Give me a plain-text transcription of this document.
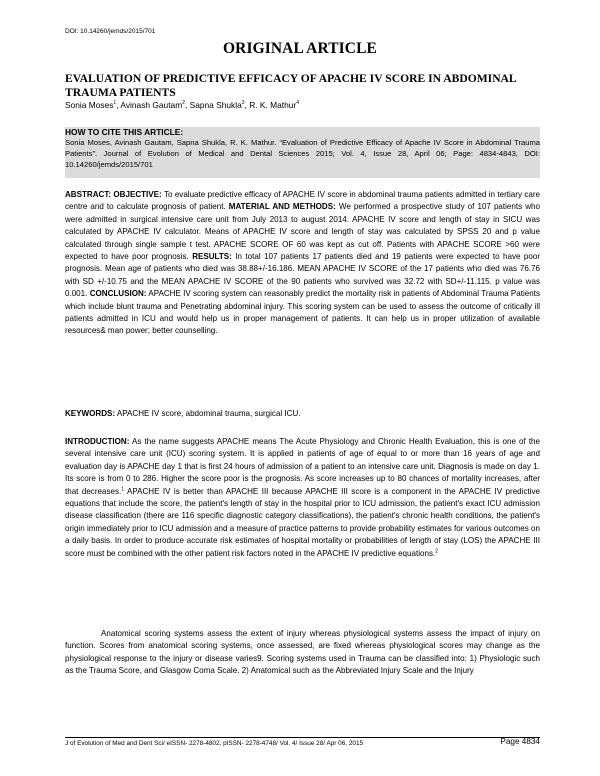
DOI: 10.14260/jemds/2015/701
ORIGINAL ARTICLE
EVALUATION OF PREDICTIVE EFFICACY OF APACHE IV SCORE IN ABDOMINAL TRAUMA PATIENTS
Sonia Moses$^1$, Avinash Gautam$^2$, Sapna Shukla$^3$, R. K. Mathur$^4$

HOW TO CITE THIS ARTICLE:

Sonia Moses, Avinash Gautam, Sapna Shukla, R. K. Mathur. “Evaluation of Predictive Efficacy of Apache IV Score in Abdominal Trauma Patients”. Journal of Evolution of Medical and Dental Sciences 2015; Vol. 4, Issue 28, April 06; Page: 4834-4843, DOI: 10.14260/jemds/2015/701

ABSTRACT: OBJECTIVE: To evaluate predictive efficacy of APACHE IV score in abdominal trauma patients admitted in tertiary care centre and to calculate prognosis of patient. MATERIAL AND METHODS: We performed a prospective study of 107 patients who were admitted in surgical intensive care unit from July 2013 to august 2014. APACHE IV score and length of stay in SICU was calculated by APACHE IV calculator. Means of APACHE IV score and length of stay was calculated by SPSS 20 and p value calculated through single sample t test. APACHE SCORE OF 60 was kept as cut off. Patients with APACHE SCORE >60 were expected to have poor prognosis. RESULTS: In total 107 patients 17 patients died and 19 patients were expected to have poor prognosis. Mean age of patients who died was 38.88+/-16.186. MEAN APACHE IV SCORE of the 17 patients who died was 76.76 with SD +/-10.75 and the MEAN APACHE IV SCORE of the 90 patients who survived was 32.72 with SD+/-11.115. p value was 0.001. CONCLUSION: APACHE IV scoring system can reasonably predict the mortality risk in patients of Abdominal Trauma Patients which include blunt trauma and Penetrating abdominal injury. This scoring system can be used to assess the outcome of critically ill patients admitted in ICU and would help us in proper management of patients. It can help us in proper utilization of available resources& man power; better counselling.

KEYWORDS: APACHE IV score, abdominal trauma, surgical ICU.

INTRODUCTION: As the name suggests APACHE means The Acute Physiology and Chronic Health Evaluation, this is one of the several intensive care unit (ICU) scoring system. It is applied in patients of age of equal to or more than 16 years of age and evaluation day is APACHE day 1 that is first 24 hours of admission of a patient to an intensive care unit. Diagnosis is made on day 1. Its score is from 0 to 286. Higher the score poor is the prognosis. As score increases up to 80 chances of mortality increases, after that decreases.$^1$ APACHE IV is better than APACHE III because APACHE III score is a component in the APACHE IV predictive equations that include the score, the patient's length of stay in the hospital prior to ICU admission, the patient's exact ICU admission disease classification (there are 116 specific diagnostic category classifications), the patient's chronic health conditions, the patient's origin immediately prior to ICU admission and a measure of practice patterns to provide probability estimates for various outcomes on a daily basis. In order to produce accurate risk estimates of hospital mortality or probabilities of length of stay (LOS) the APACHE III score must be combined with the other patient risk factors noted in the APACHE IV predictive equations.$^2$

Anatomical scoring systems assess the extent of injury whereas physiological systems assess the impact of injury on function. Scores from anatomical scoring systems, once assessed, are fixed whereas physiological scores may change as the physiological response to the injury or disease varies9. Scoring systems used in Trauma can be classified into: 1) Physiologic such as the Trauma Score, and Glasgow Coma Scale. 2) Anatomical such as the Abbreviated Injury Scale and the Injury

J of Evolution of Med and Dent Sci/ eISSN- 2278-4802, pISSN- 2278-4748/ Vol. 4/ Issue 28/ Apr 06, 2015	Page 4834
